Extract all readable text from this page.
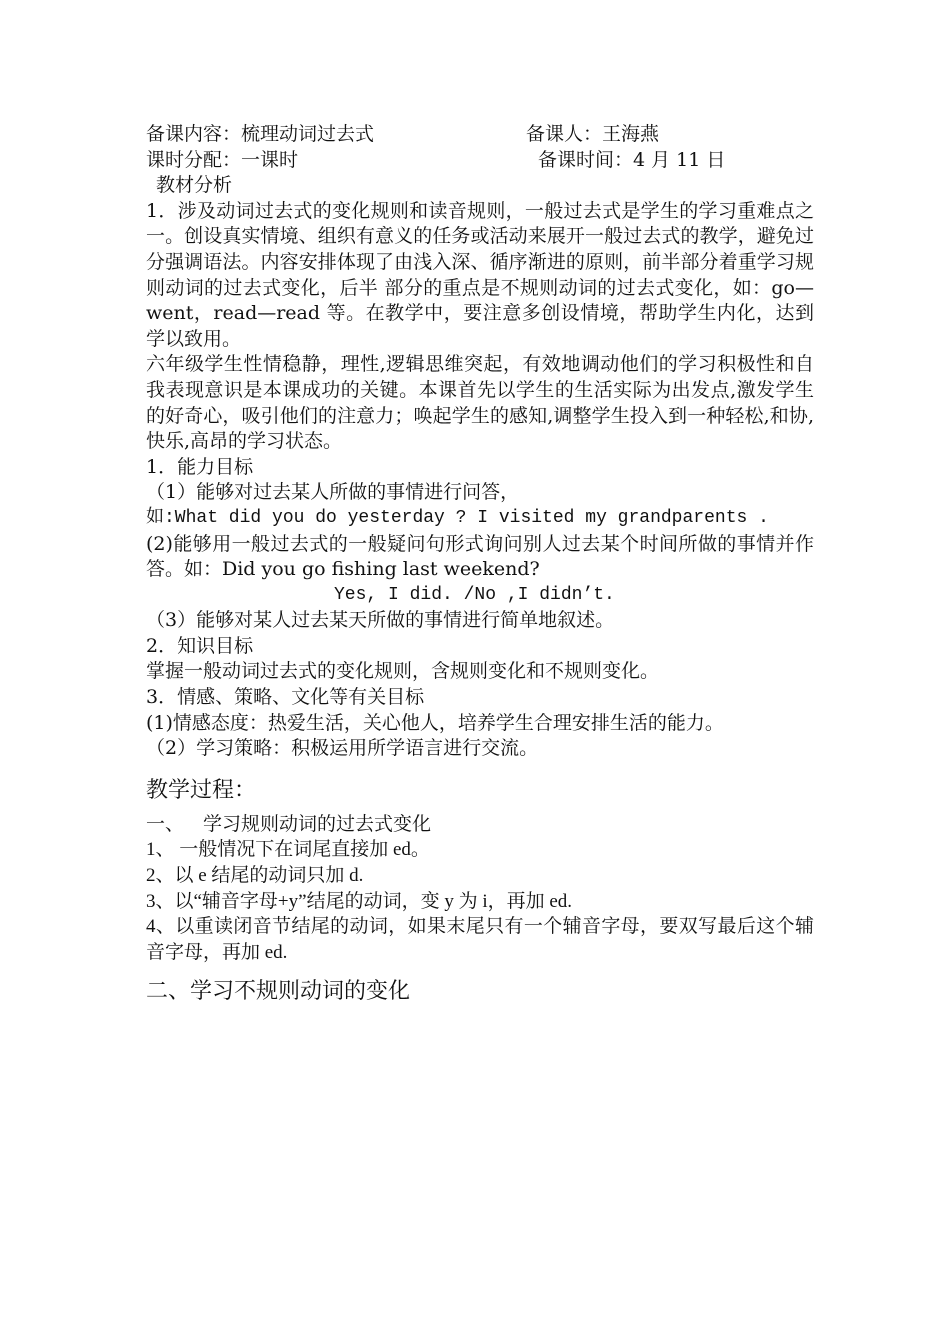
备课内容：梳理动词过去式	备课人：王海燕
课时分配：一课时	备课时间：4 月 11 日
教材分析
1．涉及动词过去式的变化规则和读音规则，一般过去式是学生的学习重难点之一。创设真实情境、组织有意义的任务或活动来展开一般过去式的教学，避免过分强调语法。内容安排体现了由浅入深、循序渐进的原则，前半部分着重学习规则动词的过去式变化，后半 部分的重点是不规则动词的过去式变化，如：go—went，read—read 等。在教学中，要注意多创设情境，帮助学生内化，达到学以致用。
六年级学生性情稳静，理性,逻辑思维突起，有效地调动他们的学习积极性和自我表现意识是本课成功的关键。本课首先以学生的生活实际为出发点,激发学生的好奇心，吸引他们的注意力；唤起学生的感知,调整学生投入到一种轻松,和协,快乐,高昂的学习状态。
1．能力目标
（1）能够对过去某人所做的事情进行问答，
如:What did you do yesterday ? I visited my grandparents .
(2)能够用一般过去式的一般疑问句形式询问别人过去某个时间所做的事情并作答。如：Did you go fishing last weekend?
Yes, I did. /No ,I didn’t.
（3）能够对某人过去某天所做的事情进行简单地叙述。
2．知识目标
掌握一般动词过去式的变化规则，含规则变化和不规则变化。
3．情感、策略、文化等有关目标
(1)情感态度：热爱生活，关心他人，培养学生合理安排生活的能力。
（2）学习策略：积极运用所学语言进行交流。
教学过程：
一、    学习规则动词的过去式变化
1、 一般情况下在词尾直接加 ed。
2、以 e 结尾的动词只加 d.
3、以“辅音字母+y”结尾的动词，变 y 为 i，再加 ed.
4、以重读闭音节结尾的动词，如果末尾只有一个辅音字母，要双写最后这个辅音字母，再加 ed.
二、学习不规则动词的变化
